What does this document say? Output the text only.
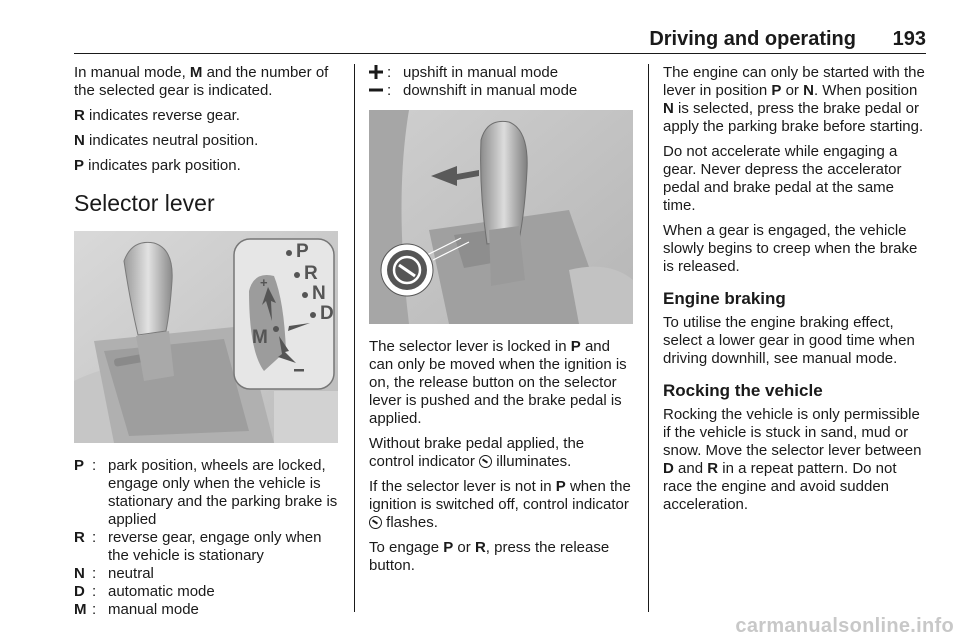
Driving and operating 193

In manual mode, M and the number of the selected gear is indicated.

R indicates reverse gear.

N indicates neutral position.

P indicates park position.

Selector lever
P
R
N
D
M
+
P : park position, wheels are locked, engage only when the vehicle is stationary and the parking brake is applied
R : reverse gear, engage only when the vehicle is stationary
N : neutral
D : automatic mode
M : manual mode
: upshift in manual mode
: downshift in manual mode

The selector lever is locked in P and can only be moved when the ignition is on, the release button on the selector lever is pushed and the brake pedal is applied.

Without brake pedal applied, the control indicator  illuminates.

If the selector lever is not in P when the ignition is switched off, control indicator  flashes.

To engage P or R, press the release button.

The engine can only be started with the lever in position P or N. When position N is selected, press the brake pedal or apply the parking brake before starting.

Do not accelerate while engaging a gear. Never depress the accelerator pedal and brake pedal at the same time.

When a gear is engaged, the vehicle slowly begins to creep when the brake is released.

Engine braking

To utilise the engine braking effect, select a lower gear in good time when driving downhill, see manual mode.

Rocking the vehicle

Rocking the vehicle is only permissible if the vehicle is stuck in sand, mud or snow. Move the selector lever between D and R in a repeat pattern. Do not race the engine and avoid sudden acceleration.

carmanualsonline.info
